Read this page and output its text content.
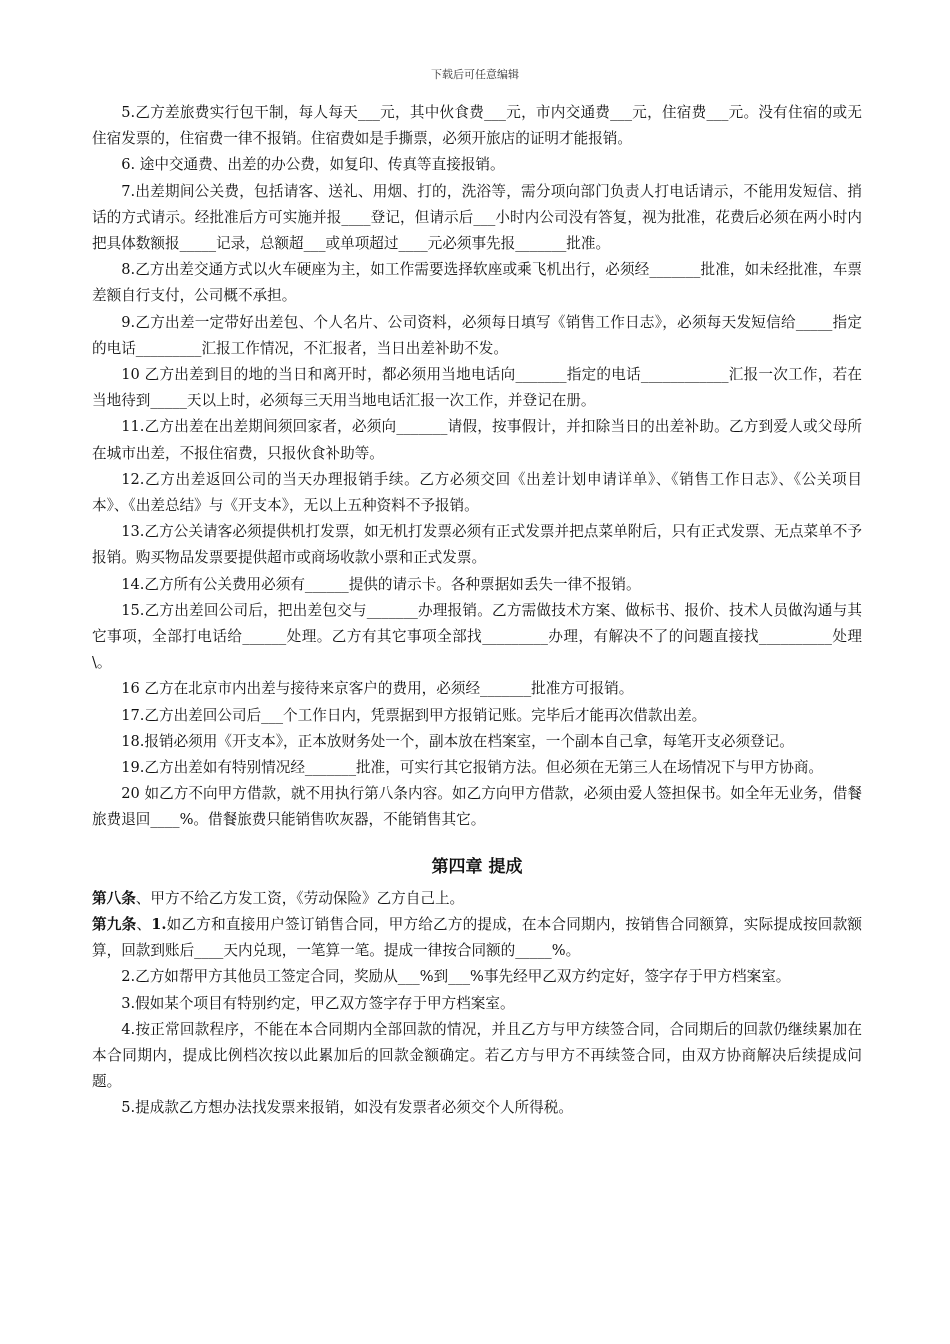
下载后可任意编辑

5.乙方差旅费实行包干制，每人每天___元，其中伙食费___元，市内交通费___元，住宿费___元。没有住宿的或无住宿发票的，住宿费一律不报销。住宿费如是手撕票，必须开旅店的证明才能报销。

6. 途中交通费、出差的办公费，如复印、传真等直接报销。

7.出差期间公关费，包括请客、送礼、用烟、打的，洗浴等，需分项向部门负责人打电话请示，不能用发短信、捎话的方式请示。经批准后方可实施并报____登记，但请示后___小时内公司没有答复，视为批准，花费后必须在两小时内把具体数额报_____记录，总额超___或单项超过____元必须事先报_______批准。

8.乙方出差交通方式以火车硬座为主，如工作需要选择软座或乘飞机出行，必须经_______批准，如未经批准，车票差额自行支付，公司概不承担。

9.乙方出差一定带好出差包、个人名片、公司资料，必须每日填写《销售工作日志》，必须每天发短信给_____指定的电话_________汇报工作情况，不汇报者，当日出差补助不发。

10 乙方出差到目的地的当日和离开时，都必须用当地电话向_______指定的电话____________汇报一次工作，若在当地待到_____天以上时，必须每三天用当地电话汇报一次工作，并登记在册。

11.乙方出差在出差期间须回家者，必须向_______请假，按事假计，并扣除当日的出差补助。乙方到爱人或父母所在城市出差，不报住宿费，只报伙食补助等。

12.乙方出差返回公司的当天办理报销手续。乙方必须交回《出差计划申请详单》、《销售工作日志》、《公关项目本》、《出差总结》与《开支本》，无以上五种资料不予报销。

13.乙方公关请客必须提供机打发票，如无机打发票必须有正式发票并把点菜单附后，只有正式发票、无点菜单不予报销。购买物品发票要提供超市或商场收款小票和正式发票。

14.乙方所有公关费用必须有______提供的请示卡。各种票据如丢失一律不报销。

15.乙方出差回公司后，把出差包交与_______办理报销。乙方需做技术方案、做标书、报价、技术人员做沟通与其它事项，全部打电话给______处理。乙方有其它事项全部找_________办理，有解决不了的问题直接找__________处理\。

16 乙方在北京市内出差与接待来京客户的费用，必须经_______批准方可报销。

17.乙方出差回公司后___个工作日内，凭票据到甲方报销记账。完毕后才能再次借款出差。

18.报销必须用《开支本》，正本放财务处一个，副本放在档案室，一个副本自己拿，每笔开支必须登记。

19.乙方出差如有特别情况经_______批准，可实行其它报销方法。但必须在无第三人在场情况下与甲方协商。

20 如乙方不向甲方借款，就不用执行第八条内容。如乙方向甲方借款，必须由爱人签担保书。如全年无业务，借餐旅费退回____%。借餐旅费只能销售吹灰器，不能销售其它。

第四章 提成

第八条、甲方不给乙方发工资，《劳动保险》乙方自己上。

第九条、1.如乙方和直接用户签订销售合同，甲方给乙方的提成，在本合同期内，按销售合同额算，实际提成按回款额算，回款到账后____天内兑现，一笔算一笔。提成一律按合同额的_____%。

2.乙方如帮甲方其他员工签定合同，奖励从___%到___%事先经甲乙双方约定好，签字存于甲方档案室。

3.假如某个项目有特别约定，甲乙双方签字存于甲方档案室。

4.按正常回款程序，不能在本合同期内全部回款的情况，并且乙方与甲方续签合同，合同期后的回款仍继续累加在本合同期内，提成比例档次按以此累加后的回款金额确定。若乙方与甲方不再续签合同，由双方协商解决后续提成问题。

5.提成款乙方想办法找发票来报销，如没有发票者必须交个人所得税。
